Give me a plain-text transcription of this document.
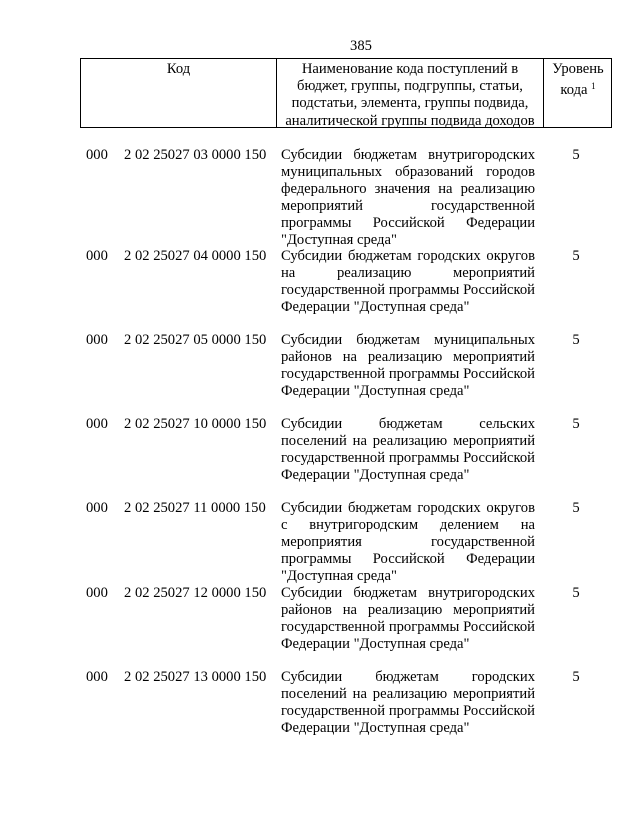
385
Код	Наименование кода поступлений в бюджет, группы, подгруппы, статьи, подстатьи, элемента, группы подвида, аналитической группы подвида доходов
Уровень кода $^1$
000 2 02 25027 03 0000 150 Субсидии бюджетам внутригородских муниципальных образований городов федерального значения на реализацию мероприятий государственной программы Российской Федерации "Доступная среда"
5
000 2 02 25027 04 0000 150 Субсидии бюджетам городских округов на реализацию мероприятий государственной программы Российской Федерации "Доступная среда"
5
000 2 02 25027 05 0000 150 Субсидии бюджетам муниципальных районов на реализацию мероприятий государственной программы Российской Федерации "Доступная среда"
5
000 2 02 25027 10 0000 150 Субсидии бюджетам сельских поселений на реализацию мероприятий государственной программы Российской Федерации "Доступная среда"
5
000 2 02 25027 11 0000 150 Субсидии бюджетам городских округов с внутригородским делением на мероприятия государственной программы Российской Федерации "Доступная среда"
5
000 2 02 25027 12 0000 150 Субсидии бюджетам внутригородских районов на реализацию мероприятий государственной программы Российской Федерации "Доступная среда"
5
000 2 02 25027 13 0000 150 Субсидии бюджетам городских поселений на реализацию мероприятий государственной программы Российской Федерации "Доступная среда"
5
